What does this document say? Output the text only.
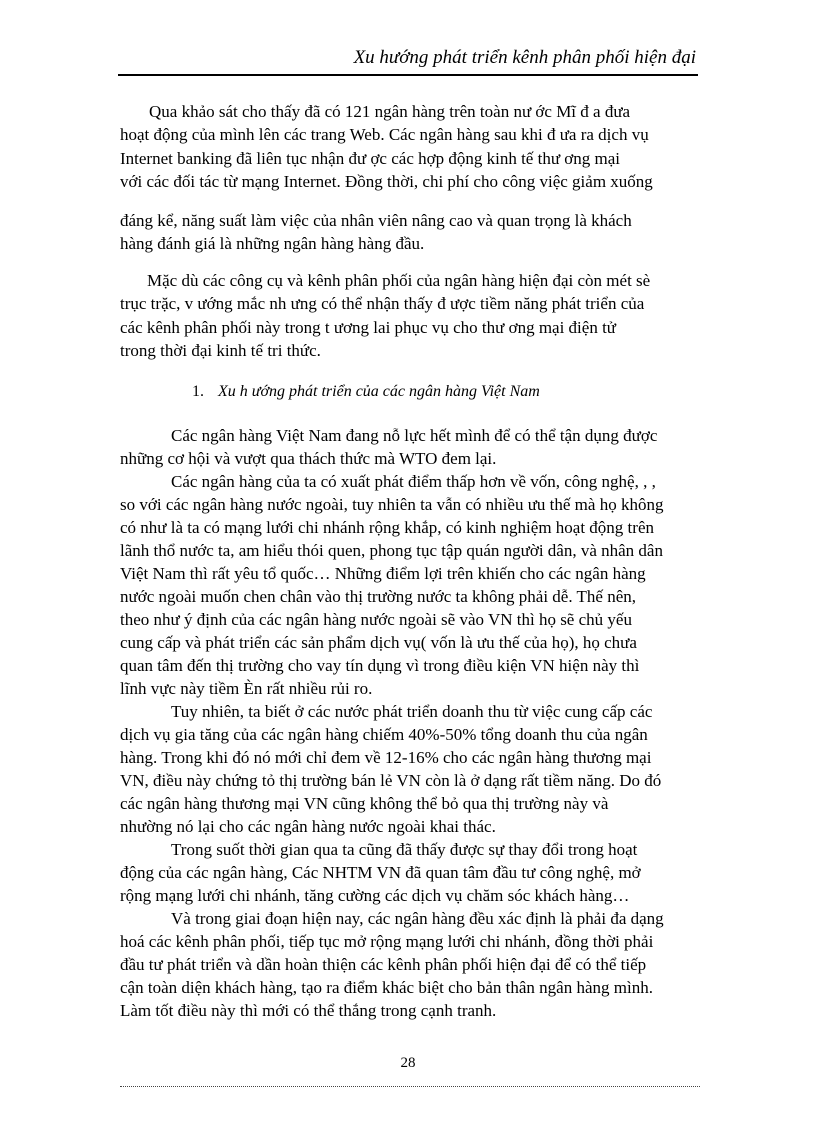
Xu hướng phát triển kênh phân phối hiện đại
Qua khảo sát cho thấy đã có 121 ngân hàng trên toàn nư ớc Mĩ đ a đưa
hoạt động của mình lên các trang Web. Các ngân hàng sau khi đ ưa ra dịch vụ
Internet banking đã liên tục nhận đư ợc các hợp động kinh tế thư ơng mại
với các đối tác từ mạng Internet. Đồng thời, chi phí cho công việc giảm xuống
đáng kể, năng suất làm việc của nhân viên nâng cao và quan trọng là khách
hàng đánh giá là những ngân hàng hàng đầu.
Mặc dù các công cụ và kênh phân phối của ngân hàng hiện đại còn mét sè
trục trặc, v ướng mắc nh ưng có thể nhận thấy đ ược tiềm năng phát triển của
các kênh phân phối này trong t ương lai phục vụ cho thư ơng mại điện tử
trong thời đại kinh tế tri thức.
1. Xu h ướng phát triển của các ngân hàng Việt Nam
Các ngân hàng Việt Nam đang nỗ lực hết mình để có thể tận dụng được
những cơ hội và vượt qua thách thức mà WTO đem lại.
Các ngân hàng của ta có xuất phát điểm thấp hơn về vốn, công nghệ, , ,
so với các ngân hàng nước ngoài, tuy nhiên ta vẫn có nhiều ưu thế mà họ không
có như là ta có mạng lưới chi nhánh rộng khắp, có kinh nghiệm hoạt động trên
lãnh thổ nước ta, am hiểu thói quen, phong tục tập quán người dân, và nhân dân
Việt Nam thì rất yêu tổ quốc… Những điểm lợi trên khiến cho các ngân hàng
nước ngoài muốn chen chân vào thị trường nước ta không phải dễ. Thế nên,
theo như ý định của các ngân hàng nước ngoài sẽ vào VN thì họ sẽ chủ yếu
cung cấp và phát triển các sản phẩm dịch vụ( vốn là ưu thế của họ), họ chưa
quan tâm đến thị trường cho vay tín dụng vì trong điều kiện VN hiện này thì
lĩnh vực này tiềm Èn rất nhiều rủi ro.
Tuy nhiên, ta biết ở các nước phát triển doanh thu từ việc cung cấp các
dịch vụ gia tăng của các ngân hàng chiếm 40%-50% tổng doanh thu của ngân
hàng. Trong khi đó nó mới chỉ đem về 12-16% cho các ngân hàng thương mại
VN, điều này chứng tỏ thị trường bán lẻ VN còn là ở dạng rất tiềm năng. Do đó
các ngân hàng thương mại VN cũng không thể bỏ qua thị trường này và
nhường nó lại cho các ngân hàng nước ngoài khai thác.
Trong suốt thời gian qua ta cũng đã thấy được sự thay đổi trong hoạt
động của các ngân hàng, Các NHTM VN đã quan tâm đầu tư công nghệ, mở
rộng mạng lưới chi nhánh, tăng cường các dịch vụ chăm sóc khách hàng…
Và trong giai đoạn hiện nay, các ngân hàng đều xác định là phải đa dạng
hoá các kênh phân phối, tiếp tục mở rộng mạng lưới chi nhánh, đồng thời phải
đầu tư phát triển và dần hoàn thiện các kênh phân phối hiện đại để có thể tiếp
cận toàn diện khách hàng, tạo ra điểm khác biệt cho bản thân ngân hàng mình.
Làm tốt điều này thì mới có thể thắng trong cạnh tranh.
28
